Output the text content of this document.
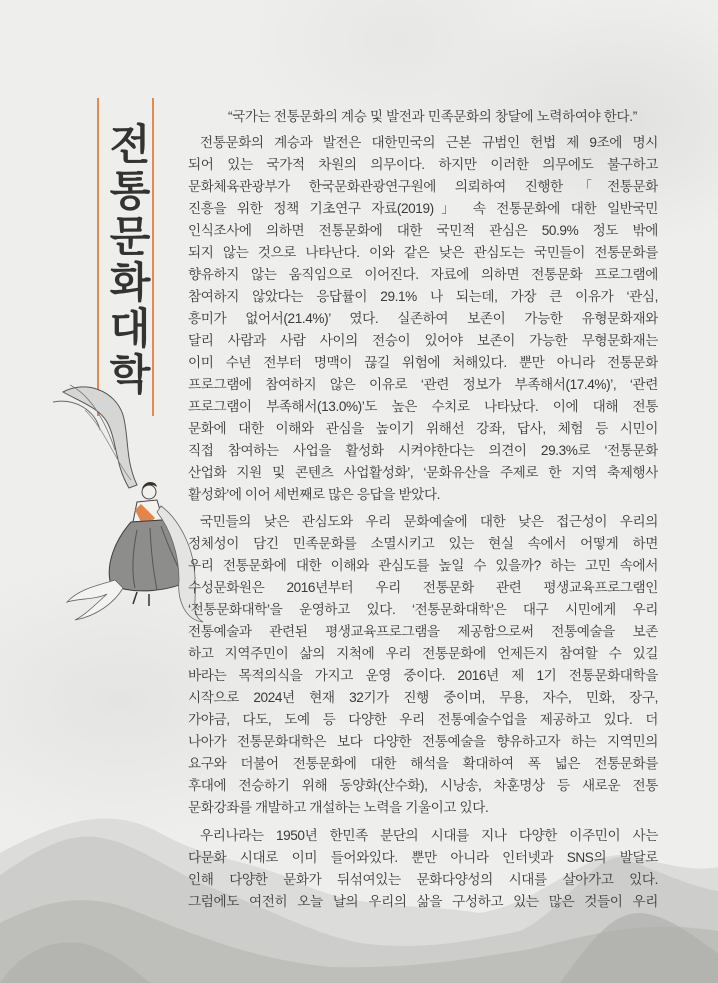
전통문화대학
“국가는 전통문화의 계승 및 발전과 민족문화의 창달에 노력하여야 한다.”
전통문화의 계승과 발전은 대한민국의 근본 규범인 헌법 제 9조에 명시
되어 있는 국가적 차원의 의무이다. 하지만 이러한 의무에도 불구하고
문화체육관광부가 한국문화관광연구원에 의뢰하여 진행한「전통문화
진흥을 위한 정책 기초연구 자료(2019)」 속 전통문화에 대한 일반국민
인식조사에 의하면 전통문화에 대한 국민적 관심은 50.9% 정도 밖에
되지 않는 것으로 나타난다. 이와 같은 낮은 관심도는 국민들이 전통문화를
향유하지 않는 움직임으로 이어진다. 자료에 의하면 전통문화 프로그램에
참여하지 않았다는 응답률이 29.1% 나 되는데, 가장 큰 이유가 ‘관심,
흥미가 없어서(21.4%)’ 였다. 실존하여 보존이 가능한 유형문화재와
달리 사람과 사람 사이의 전승이 있어야 보존이 가능한 무형문화재는
이미 수년 전부터 명맥이 끊길 위험에 처해있다. 뿐만 아니라 전통문화
프로그램에 참여하지 않은 이유로 ‘관련 정보가 부족해서(17.4%)’, ‘관련
프로그램이 부족해서(13.0%)’도 높은 수치로 나타났다. 이에 대해 전통
문화에 대한 이해와 관심을 높이기 위해선 강좌, 답사, 체험 등 시민이
직접 참여하는 사업을 활성화 시켜야한다는 의견이 29.3%로 ‘전통문화
산업화 지원 및 콘텐츠 사업활성화’, ‘문화유산을 주제로 한 지역 축제행사
활성화’에 이어 세번째로 많은 응답을 받았다.
국민들의 낮은 관심도와 우리 문화예술에 대한 낮은 접근성이 우리의
정체성이 담긴 민족문화를 소멸시키고 있는 현실 속에서 어떻게 하면
우리 전통문화에 대한 이해와 관심도를 높일 수 있을까? 하는 고민 속에서
수성문화원은 2016년부터 우리 전통문화 관련 평생교육프로그램인
‘전통문화대학’을 운영하고 있다. ‘전통문화대학’은 대구 시민에게 우리
전통예술과 관련된 평생교육프로그램을 제공함으로써 전통예술을 보존
하고 지역주민이 삶의 지척에 우리 전통문화에 언제든지 참여할 수 있길
바라는 목적의식을 가지고 운영 중이다. 2016년 제 1기 전통문화대학을
시작으로 2024년 현재 32기가 진행 중이며, 무용, 자수, 민화, 장구,
가야금, 다도, 도예 등 다양한 우리 전통예술수업을 제공하고 있다. 더
나아가 전통문화대학은 보다 다양한 전통예술을 향유하고자 하는 지역민의
요구와 더불어 전통문화에 대한 해석을 확대하여 폭 넓은 전통문화를
후대에 전승하기 위해 동양화(산수화), 시낭송, 차훈명상 등 새로운 전통
문화강좌를 개발하고 개설하는 노력을 기울이고 있다.
우리나라는 1950년 한민족 분단의 시대를 지나 다양한 이주민이 사는
다문화 시대로 이미 들어와있다. 뿐만 아니라 인터넷과 SNS의 발달로
인해 다양한 문화가 뒤섞여있는 문화다양성의 시대를 살아가고 있다.
그럼에도 여전히 오늘 날의 우리의 삶을 구성하고 있는 많은 것들이 우리
